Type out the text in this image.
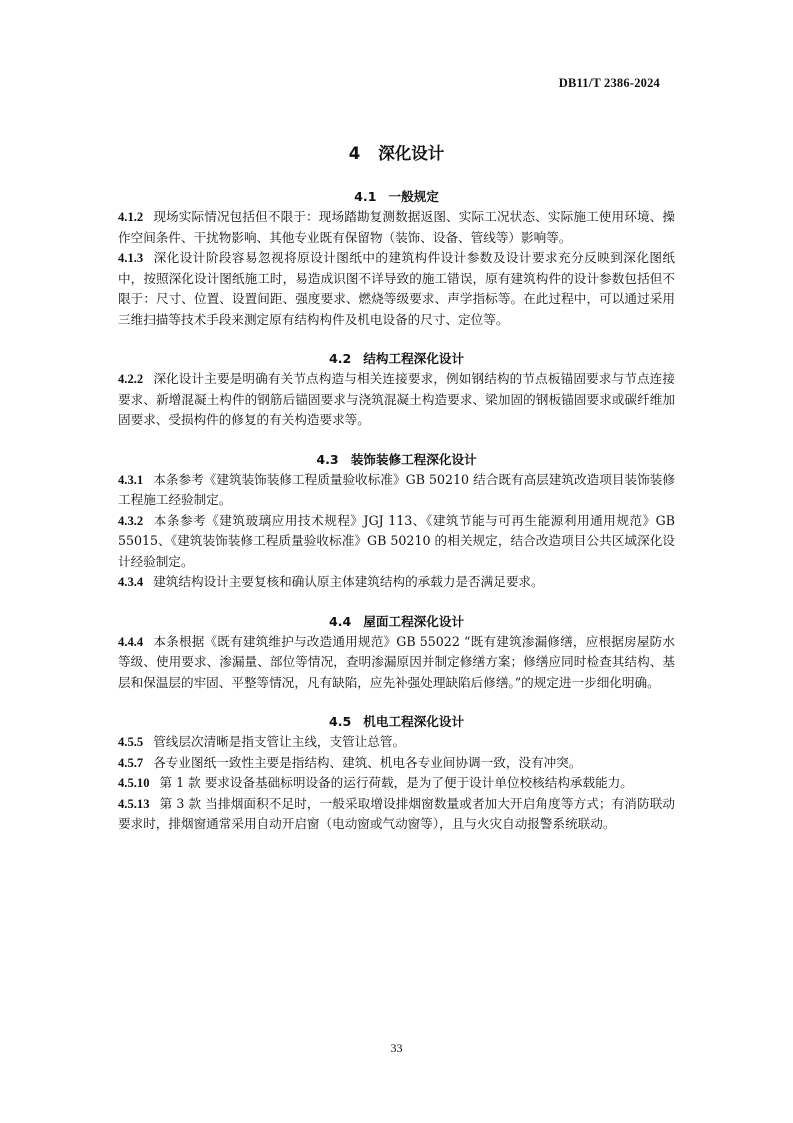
DB11/T 2386-2024
4 深化设计
4.1 一般规定

4.1.2 现场实际情况包括但不限于：现场踏勘复测数据返图、实际工况状态、实际施工使用环境、操作空间条件、干扰物影响、其他专业既有保留物（装饰、设备、管线等）影响等。

4.1.3 深化设计阶段容易忽视将原设计图纸中的建筑构件设计参数及设计要求充分反映到深化图纸中，按照深化设计图纸施工时，易造成识图不详导致的施工错误，原有建筑构件的设计参数包括但不限于：尺寸、位置、设置间距、强度要求、燃烧等级要求、声学指标等。在此过程中，可以通过采用三维扫描等技术手段来测定原有结构构件及机电设备的尺寸、定位等。

4.2 结构工程深化设计

4.2.2 深化设计主要是明确有关节点构造与相关连接要求，例如钢结构的节点板锚固要求与节点连接要求、新增混凝土构件的钢筋后锚固要求与浇筑混凝土构造要求、梁加固的钢板锚固要求或碳纤维加固要求、受损构件的修复的有关构造要求等。

4.3 装饰装修工程深化设计

4.3.1 本条参考《建筑装饰装修工程质量验收标准》GB 50210 结合既有高层建筑改造项目装饰装修工程施工经验制定。

4.3.2 本条参考《建筑玻璃应用技术规程》JGJ 113、《建筑节能与可再生能源利用通用规范》GB 55015、《建筑装饰装修工程质量验收标准》GB 50210 的相关规定，结合改造项目公共区域深化设计经验制定。

4.3.4 建筑结构设计主要复核和确认原主体建筑结构的承载力是否满足要求。

4.4 屋面工程深化设计

4.4.4 本条根据《既有建筑维护与改造通用规范》GB 55022 “既有建筑渗漏修缮，应根据房屋防水等级、使用要求、渗漏量、部位等情况，查明渗漏原因并制定修缮方案；修缮应同时检查其结构、基层和保温层的牢固、平整等情况，凡有缺陷，应先补强处理缺陷后修缮。”的规定进一步细化明确。

4.5 机电工程深化设计

4.5.5 管线层次清晰是指支管让主线，支管让总管。

4.5.7 各专业图纸一致性主要是指结构、建筑、机电各专业间协调一致，没有冲突。

4.5.10 第 1 款 要求设备基础标明设备的运行荷载，是为了便于设计单位校核结构承载能力。

4.5.13 第 3 款 当排烟面积不足时，一般采取增设排烟窗数量或者加大开启角度等方式；有消防联动要求时，排烟窗通常采用自动开启窗（电动窗或气动窗等），且与火灾自动报警系统联动。

33
